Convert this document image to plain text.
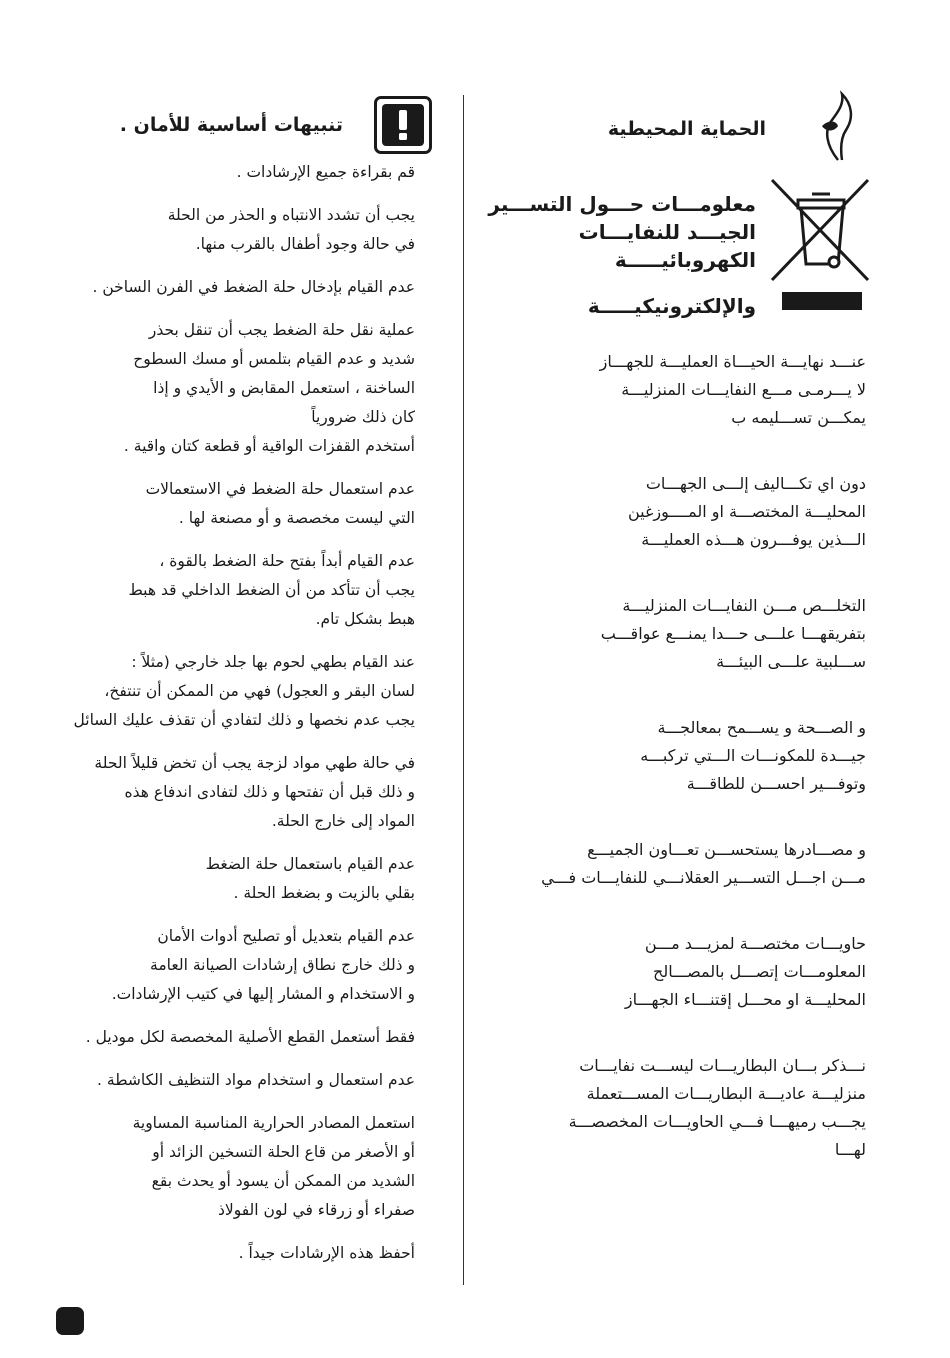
تنبيهات أساسية للأمان .
قم بقراءة جميع الإرشادات .
يجب أن تشدد الانتباه و الحذر من الحلة
في حالة وجود أطفال بالقرب منها.
عدم القيام بإدخال حلة الضغط في الفرن الساخن .
عملية نقل حلة الضغط يجب أن تنقل بحذر
شديد و عدم القيام بتلمس أو مسك السطوح
الساخنة ، استعمل المقابض و الأيدي و إذا
كان ذلك ضرورياً
أستخدم القفزات الواقية أو قطعة كتان واقية .
عدم استعمال حلة الضغط في الاستعمالات
التي ليست مخصصة و أو مصنعة لها .
عدم القيام أبداً بفتح حلة الضغط بالقوة ،
يجب أن تتأكد من أن الضغط الداخلي قد هبط
هبط بشكل تام.
عند القيام بطهي لحوم بها جلد خارجي (مثلاً :
لسان البقر و العجول) فهي من الممكن أن تنتفخ،
يجب عدم نخصها و ذلك لتفادي أن تقذف عليك السائل
في حالة طهي مواد لزجة يجب أن تخض قليلاً الحلة
و ذلك قبل أن تفتحها و ذلك لتفادى اندفاع هذه
المواد إلى خارج الحلة.
عدم القيام باستعمال حلة الضغط
بقلي بالزيت و بضغط الحلة .
عدم القيام بتعديل أو تصليح أدوات الأمان
و ذلك خارج نطاق إرشادات الصيانة العامة
و الاستخدام و المشار إليها في كتيب الإرشادات.
فقط أستعمل القطع الأصلية المخصصة لكل موديل .
عدم استعمال و استخدام مواد التنظيف الكاشطة .
استعمل المصادر الحرارية المناسبة المساوية
أو الأصغر من قاع الحلة التسخين الزائد أو
الشديد من الممكن أن يسود أو يحدث بقع
صفراء أو زرقاء في لون الفولاذ
أحفظ هذه الإرشادات جيداً .
الحماية المحيطية
معلومـــات حـــول التســـير
الجيـــد للنفايـــات
الكهروبائيـــــة
والإلكترونيكيـــــة
عنـــد نهايـــة الحيـــاة العمليـــة للجهـــاز
لا يـــرمـى مـــع النفايـــات المنزليـــة
يمكـــن تســـليمه ب
دون اي تكـــاليف إلـــى الجهـــات
المحليـــة المختصـــة او المــــوزغين
الـــذين يوفـــرون هـــذه العمليـــة
التخلـــص مـــن النفايـــات المنزليـــة
بتفريقهـــا علـــى حـــدا يمنـــع عواقـــب
ســـلبية علـــى البيئـــة
و الصـــحة و يســـمح بمعالجـــة
جيـــدة للمكونـــات الـــتي تركبـــه
وتوفـــير احســـن للطاقـــة
و مصـــادرها يستحســـن تعـــاون الجميـــع
مـــن اجـــل التســـير العقلانـــي للنفايـــات فـــي
حاويـــات مختصـــة لمزيـــد مـــن
المعلومـــات إتصـــل بالمصـــالح
المحليـــة او محـــل إقتنـــاء الجهـــاز
نـــذكر بـــان البطاريـــات ليســـت نفايـــات
منزليـــة عاديـــة البطاريـــات المســـتعملة
يجـــب رميهـــا فـــي الحاويـــات المخصصـــة
لهـــا
